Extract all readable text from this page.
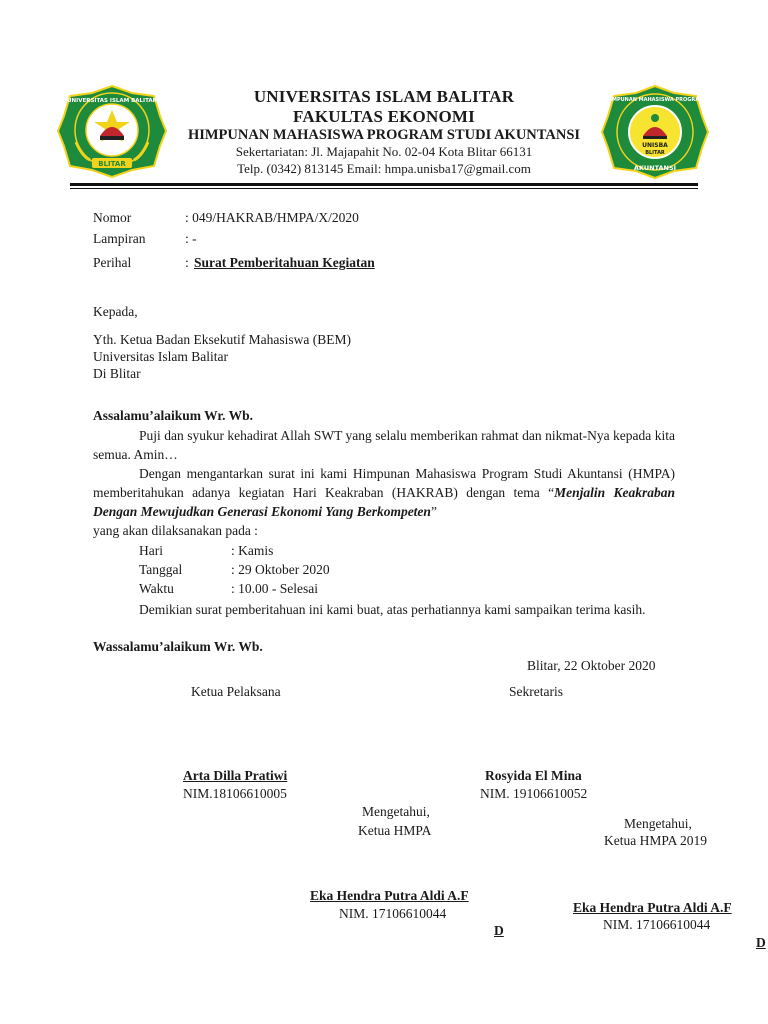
BLITAR
UNIVERSITAS ISLAM BALITAR
UNISBA
BLITAR
HIMPUNAN MAHASISWA PROGRAM
AKUNTANSI
UNIVERSITAS ISLAM BALITAR
FAKULTAS EKONOMI
HIMPUNAN MAHASISWA PROGRAM STUDI AKUNTANSI
Sekertariatan: Jl. Majapahit No. 02-04 Kota Blitar 66131
Telp. (0342) 813145 Email: hmpa.unisba17@gmail.com
Nomor	: 049/HAKRAB/HMPA/X/2020
Lampiran	: -
Perihal	: Surat Pemberitahuan Kegiatan
Kepada,
Yth. Ketua Badan Eksekutif Mahasiswa (BEM)
Universitas Islam Balitar
Di Blitar
Assalamu’alaikum Wr. Wb.
Puji dan syukur kehadirat Allah SWT yang selalu memberikan rahmat dan nikmat-Nya kepada kita semua. Amin…
Dengan mengantarkan surat ini kami Himpunan Mahasiswa Program Studi Akuntansi (HMPA) memberitahukan adanya kegiatan Hari Keakraban (HAKRAB) dengan tema “Menjalin Keakraban Dengan Mewujudkan Generasi Ekonomi Yang Berkompeten”
yang akan dilaksanakan pada :
Hari	: Kamis
Tanggal	: 29 Oktober 2020
Waktu	: 10.00 - Selesai
Demikian surat pemberitahuan ini kami buat, atas perhatiannya kami sampaikan terima kasih.
Wassalamu’alaikum Wr. Wb.
Blitar, 22 Oktober 2020
Ketua Pelaksana	Sekretaris
Arta Dilla Pratiwi
NIM.18106610005
Rosyida El Mina
NIM. 19106610052
Mengetahui,
Ketua HMPA
Eka Hendra Putra Aldi A.F
NIM. 17106610044
D
Mengetahui,
Ketua HMPA 2019
Eka Hendra Putra Aldi A.F
NIM. 17106610044
D
